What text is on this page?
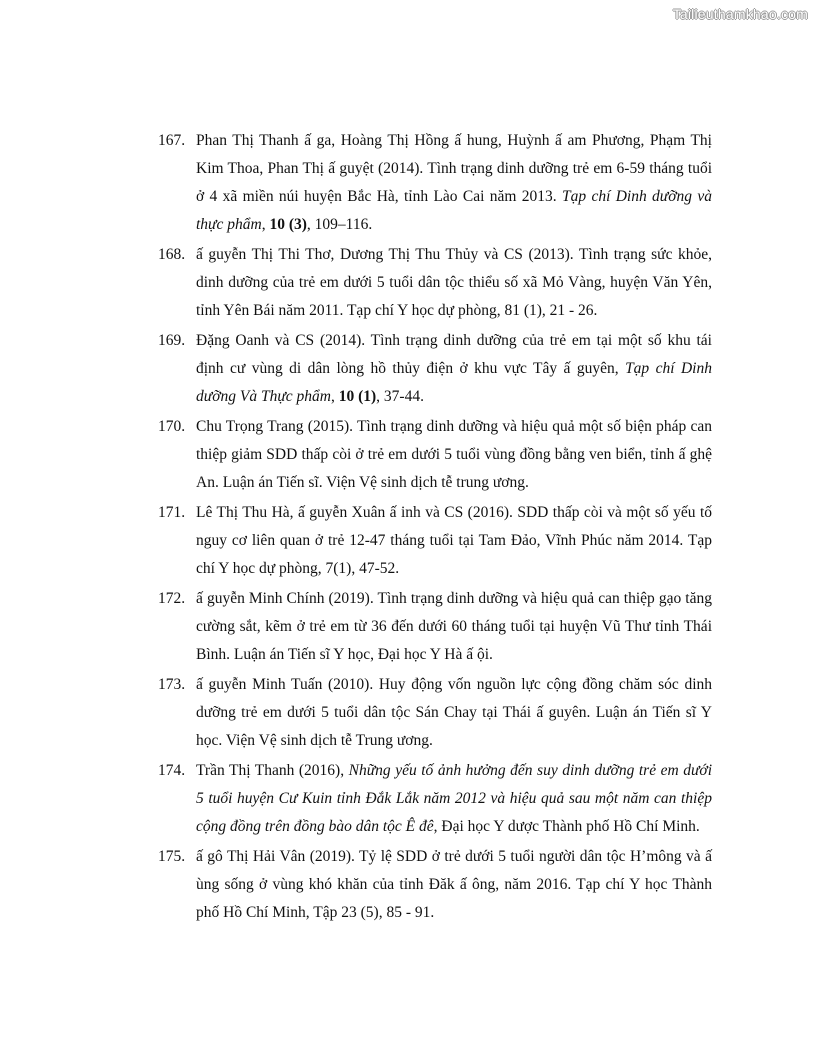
Tailieuthamkhao.com
167. Phan Thị Thanh ấ ga, Hoàng Thị Hồng ấ hung, Huỳnh ấ am Phương, Phạm Thị Kim Thoa, Phan Thị ấ guyệt (2014). Tình trạng dinh dưỡng trẻ em 6-59 tháng tuổi ở 4 xã miền núi huyện Bắc Hà, tỉnh Lào Cai năm 2013. Tạp chí Dinh dưỡng và thực phẩm, 10 (3), 109–116.
168. ấ guyễn Thị Thi Thơ, Dương Thị Thu Thủy và CS (2013). Tình trạng sức khỏe, dinh dưỡng của trẻ em dưới 5 tuổi dân tộc thiểu số xã Mỏ Vàng, huyện Văn Yên, tỉnh Yên Bái năm 2011. Tạp chí Y học dự phòng, 81 (1), 21 - 26.
169. Đặng Oanh và CS (2014). Tình trạng dinh dưỡng của trẻ em tại một số khu tái định cư vùng di dân lòng hồ thủy điện ở khu vực Tây ấ guyên, Tạp chí Dinh dưỡng Và Thực phẩm, 10 (1), 37-44.
170. Chu Trọng Trang (2015). Tình trạng dinh dưỡng và hiệu quả một số biện pháp can thiệp giảm SDD thấp còi ở trẻ em dưới 5 tuổi vùng đồng bằng ven biển, tỉnh ấ ghệ An. Luận án Tiến sĩ. Viện Vệ sinh dịch tễ trung ương.
171. Lê Thị Thu Hà, ấ guyễn Xuân ấ inh và CS (2016). SDD thấp còi và một số yếu tố nguy cơ liên quan ở trẻ 12-47 tháng tuổi tại Tam Đảo, Vĩnh Phúc năm 2014. Tạp chí Y học dự phòng, 7(1), 47-52.
172. ấ guyễn Minh Chính (2019). Tình trạng dinh dưỡng và hiệu quả can thiệp gạo tăng cường sắt, kẽm ở trẻ em từ 36 đến dưới 60 tháng tuổi tại huyện Vũ Thư tỉnh Thái Bình. Luận án Tiến sĩ Y học, Đại học Y Hà ấ ội.
173. ấ guyễn Minh Tuấn (2010). Huy động vốn nguồn lực cộng đồng chăm sóc dinh dưỡng trẻ em dưới 5 tuổi dân tộc Sán Chay tại Thái ấ guyên. Luận án Tiến sĩ Y học. Viện Vệ sinh dịch tễ Trung ương.
174. Trần Thị Thanh (2016), Những yếu tố ảnh hưởng đến suy dinh dưỡng trẻ em dưới 5 tuổi huyện Cư Kuin tỉnh Đắk Lắk năm 2012 và hiệu quả sau một năm can thiệp cộng đồng trên đồng bào dân tộc Ê đê, Đại học Y dược Thành phố Hồ Chí Minh.
175. ấ gô Thị Hải Vân (2019). Tỷ lệ SDD ở trẻ dưới 5 tuổi người dân tộc H’mông và ấ ùng sống ở vùng khó khăn của tỉnh Đăk ấ ông, năm 2016. Tạp chí Y học Thành phố Hồ Chí Minh, Tập 23 (5), 85 - 91.
